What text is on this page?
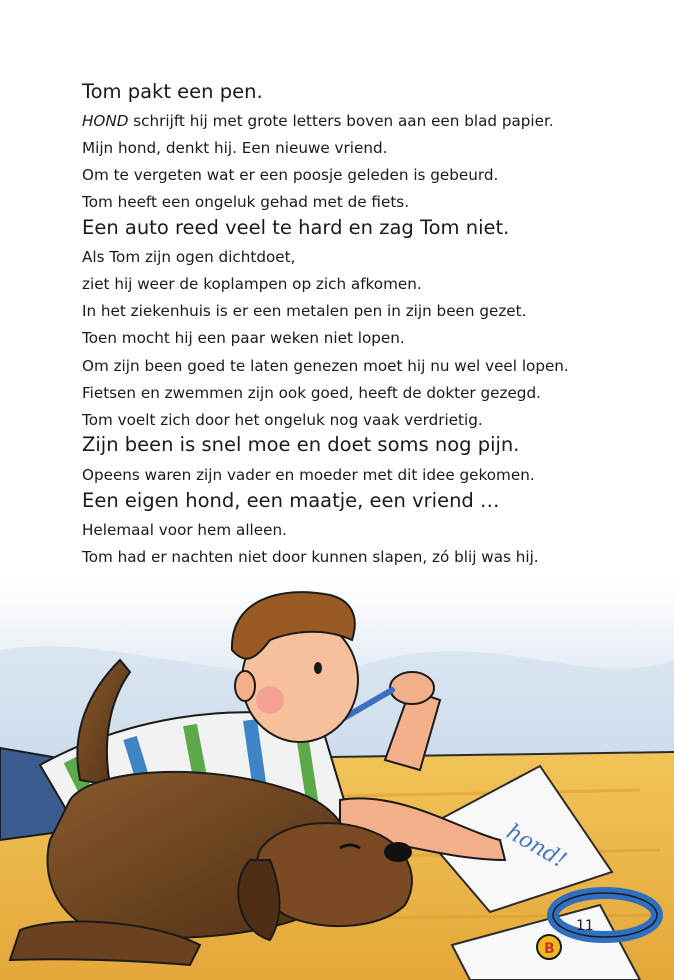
Tom pakt een pen.
HOND schrijft hij met grote letters boven aan een blad papier.
Mijn hond, denkt hij. Een nieuwe vriend.
Om te vergeten wat er een poosje geleden is gebeurd.
Tom heeft een ongeluk gehad met de fiets.
Een auto reed veel te hard en zag Tom niet.
Als Tom zijn ogen dichtdoet,
ziet hij weer de koplampen op zich afkomen.
In het ziekenhuis is er een metalen pen in zijn been gezet.
Toen mocht hij een paar weken niet lopen.
Om zijn been goed te laten genezen moet hij nu wel veel lopen.
Fietsen en zwemmen zijn ook goed, heeft de dokter gezegd.
Tom voelt zich door het ongeluk nog vaak verdrietig.
Zijn been is snel moe en doet soms nog pijn.
Opeens waren zijn vader en moeder met dit idee gekomen.
Een eigen hond, een maatje, een vriend …
Helemaal voor hem alleen.
Tom had er nachten niet door kunnen slapen, zó blij was hij.
hond!
B
11
